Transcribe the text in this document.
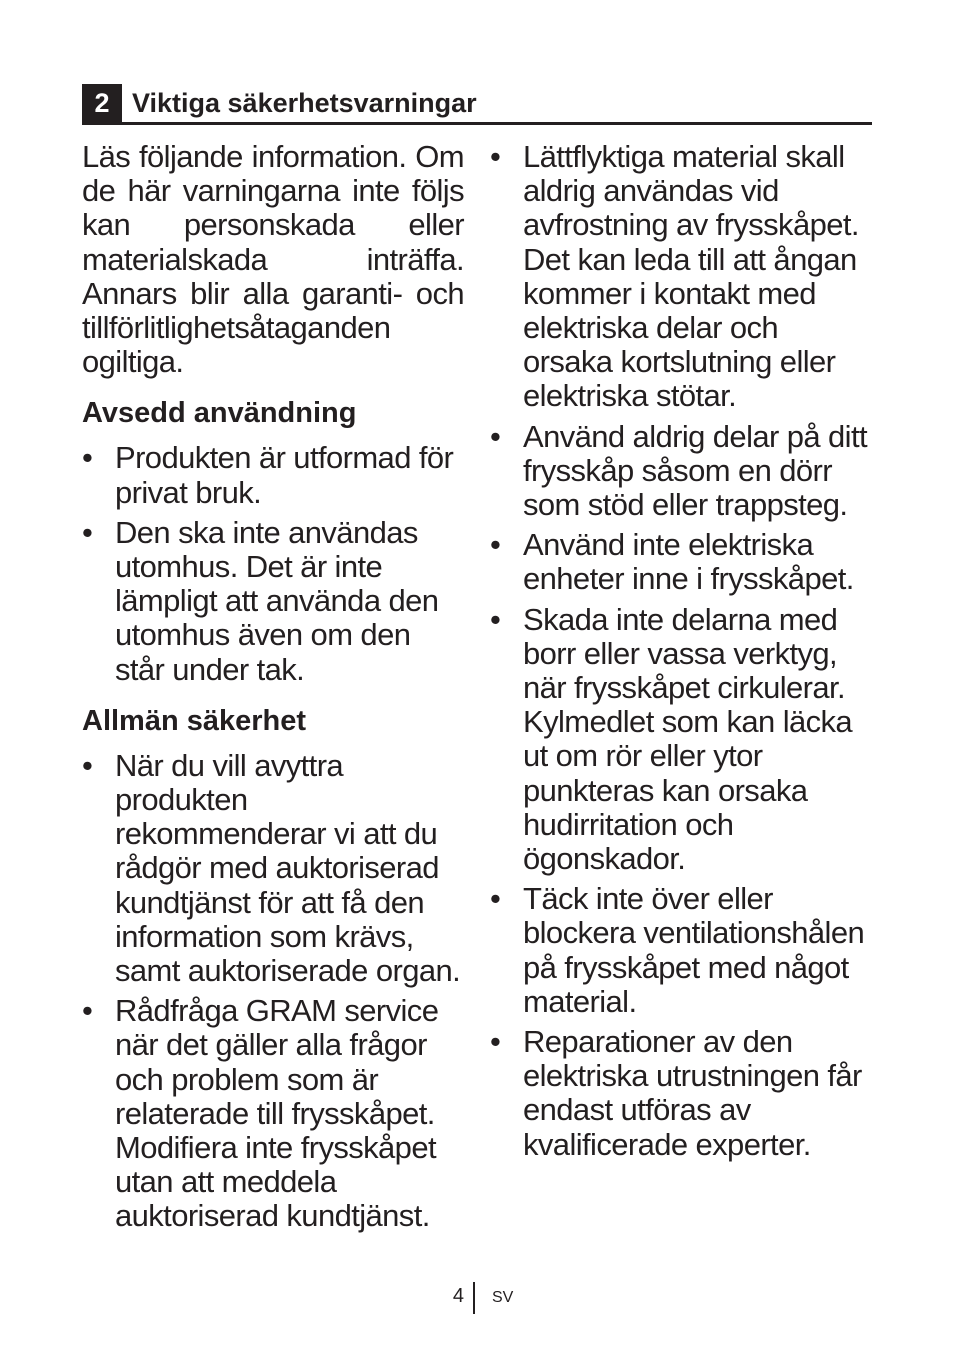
2 Viktiga säkerhetsvarningar

Läs följande information. Om de här varningarna inte följs kan personskada eller materialskada inträffa. Annars blir alla garanti- och tillförlitlighetsåtaganden ogiltiga.

Avsedd användning
• Produkten är utformad för privat bruk.
• Den ska inte användas utomhus. Det är inte lämpligt att använda den utomhus även om den står under tak.
Allmän säkerhet
• När du vill avyttra produkten rekommenderar vi att du rådgör med auktoriserad kundtjänst för att få den information som krävs, samt auktoriserade organ.
• Rådfråga GRAM service när det gäller alla frågor och problem som är relaterade till frysskåpet. Modifiera inte frysskåpet utan att meddela auktoriserad kundtjänst.
• Lättflyktiga material skall aldrig användas vid avfrostning av frysskåpet. Det kan leda till att ångan kommer i kontakt med elektriska delar och orsaka kortslutning eller elektriska stötar.
• Använd aldrig delar på ditt frysskåp såsom en dörr som stöd eller trappsteg.
• Använd inte elektriska enheter inne i frysskåpet.
• Skada inte delarna med borr eller vassa verktyg, när frysskåpet cirkulerar. Kylmedlet som kan läcka ut om rör eller ytor punkteras kan orsaka hudirritation och ögonskador.
• Täck inte över eller blockera ventilationshålen på frysskåpet med något material.
• Reparationer av den elektriska utrustningen får endast utföras av kvalificerade experter.
4 SV
